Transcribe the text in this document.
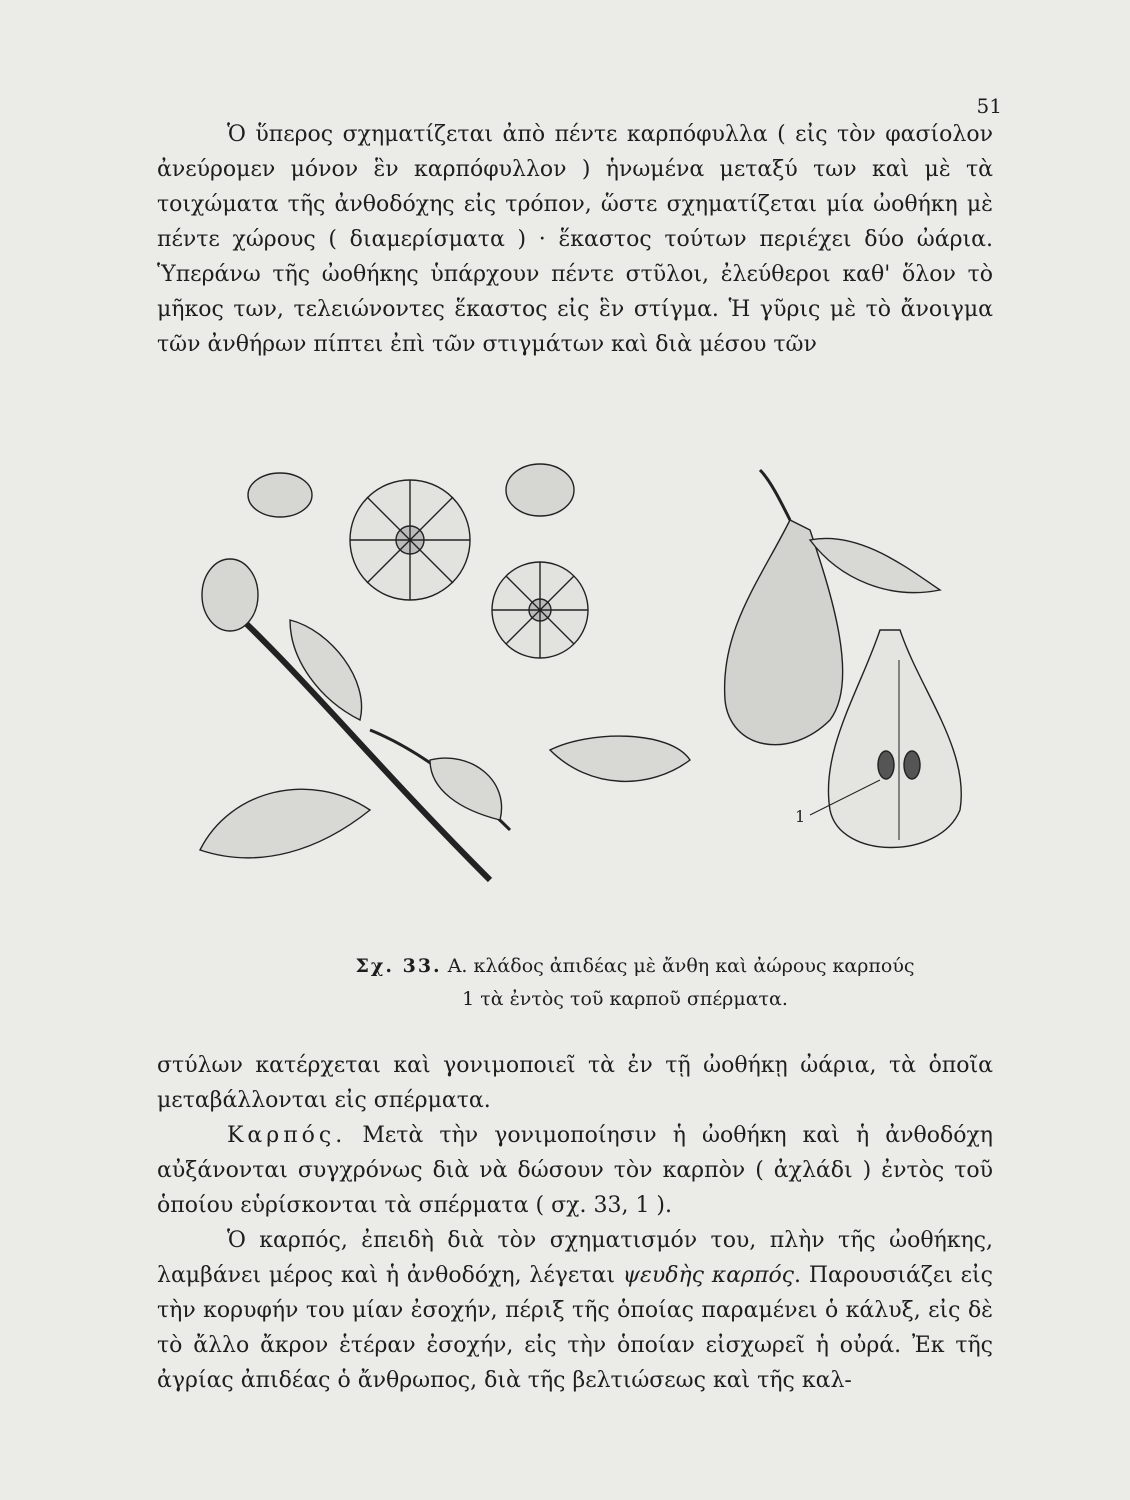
51

Ὁ ὕπερος σχηματίζεται ἀπὸ πέντε καρπόφυλλα ( εἰς τὸν φασίολον ἀνεύρομεν μόνον ἓν καρπόφυλλον ) ἡνωμένα μεταξύ των καὶ μὲ τὰ τοιχώματα τῆς ἀνθοδόχης εἰς τρόπον, ὥστε σχηματίζεται μία ὠοθήκη μὲ πέντε χώρους ( διαμερίσματα ) · ἕκαστος τούτων περιέχει δύο ὠάρια. Ὑπεράνω τῆς ὠοθήκης ὑπάρχουν πέντε στῦλοι, ἐλεύθεροι καθ' ὅλον τὸ μῆκος των, τελειώνοντες ἕκαστος εἰς ἓν στίγμα. Ἡ γῦρις μὲ τὸ ἄνοιγμα τῶν ἀνθήρων πίπτει ἐπὶ τῶν στιγμάτων καὶ διὰ μέσου τῶν

1
Σχ. 33. Α. κλάδος ἀπιδέας μὲ ἄνθη καὶ ἀώρους καρπούς
1 τὰ ἐντὸς τοῦ καρποῦ σπέρματα.

στύλων κατέρχεται καὶ γονιμοποιεῖ τὰ ἐν τῇ ὠοθήκῃ ὠάρια, τὰ ὁποῖα μεταβάλλονται εἰς σπέρματα.

Καρπός. Μετὰ τὴν γονιμοποίησιν ἡ ὠοθήκη καὶ ἡ ἀνθοδόχη αὐξάνονται συγχρόνως διὰ νὰ δώσουν τὸν καρπὸν ( ἀχλάδι ) ἐντὸς τοῦ ὁποίου εὑρίσκονται τὰ σπέρματα ( σχ. 33, 1 ).

Ὁ καρπός, ἐπειδὴ διὰ τὸν σχηματισμόν του, πλὴν τῆς ὠοθήκης, λαμβάνει μέρος καὶ ἡ ἀνθοδόχη, λέγεται ψευδὴς καρπός. Παρουσιάζει εἰς τὴν κορυφήν του μίαν ἐσοχήν, πέριξ τῆς ὁποίας παραμένει ὁ κάλυξ, εἰς δὲ τὸ ἄλλο ἄκρον ἑτέραν ἐσοχήν, εἰς τὴν ὁποίαν εἰσχωρεῖ ἡ οὐρά. Ἐκ τῆς ἀγρίας ἀπιδέας ὁ ἄνθρωπος, διὰ τῆς βελτιώσεως καὶ τῆς καλ-
